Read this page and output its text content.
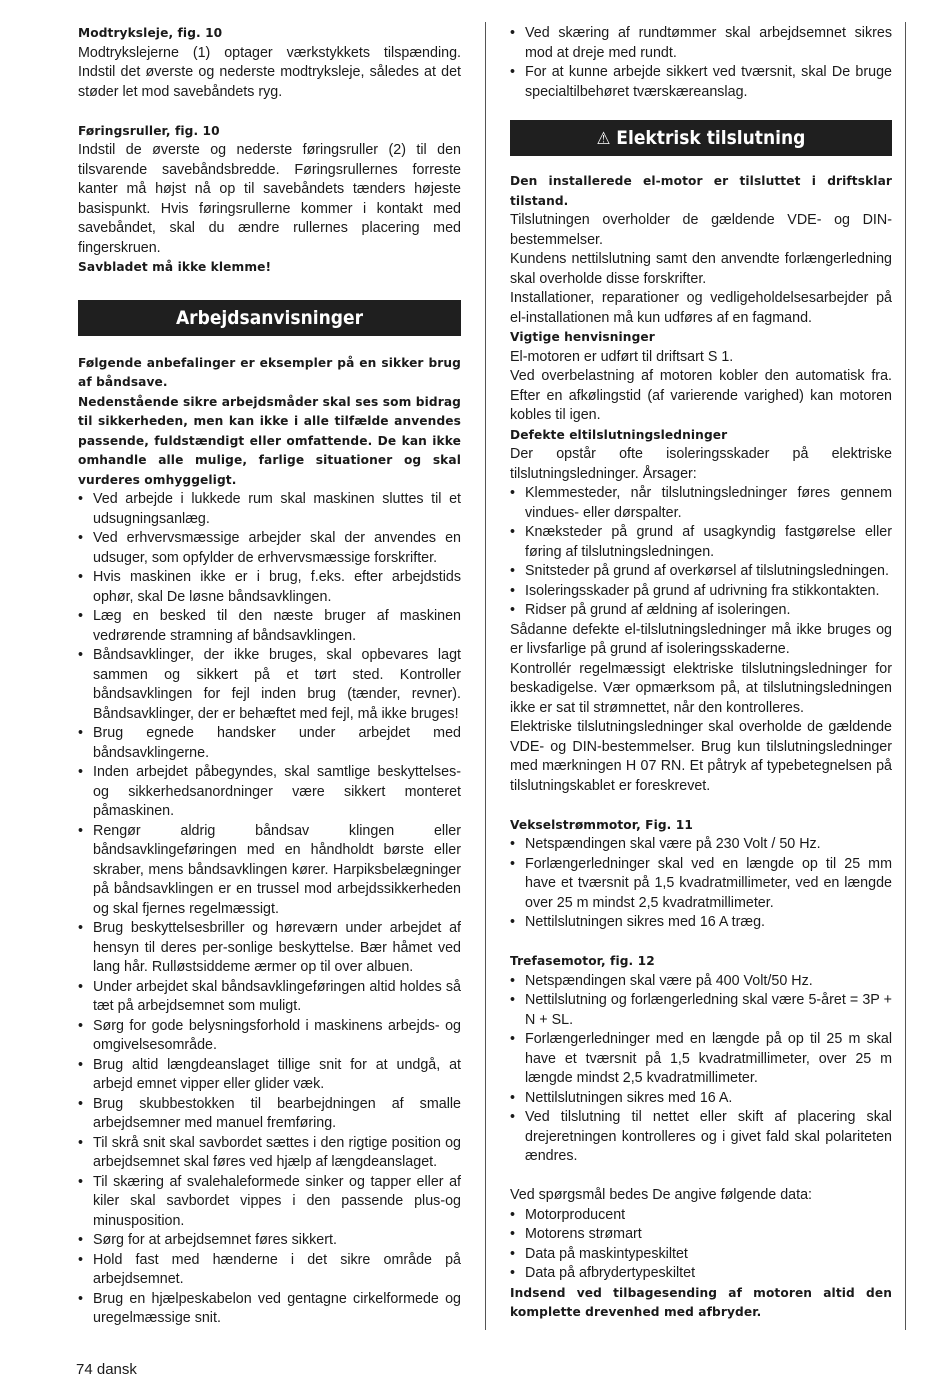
Modtryksleje, fig. 10
Modtrykslejerne (1) optager værkstykkets tilspænding. Indstil det øverste og nederste modtryksleje, således at det støder let mod savebåndets ryg.
Føringsruller, fig. 10
Indstil de øverste og nederste føringsruller (2) til den tilsvarende savebåndsbredde. Føringsrullernes forreste kanter må højst nå op til savebåndets tænders højeste basispunkt. Hvis føringsrullerne kommer i kontakt med savebåndet, skal du ændre rullernes placering med fingerskruen.
Savbladet må ikke klemme!
Arbejdsanvisninger
Følgende anbefalinger er eksempler på en sikker brug af båndsave.
Nedenstående sikre arbejdsmåder skal ses som bidrag til sikkerheden, men kan ikke i alle tilfælde anvendes passende, fuldstændigt eller omfattende. De kan ikke omhandle alle mulige, farlige situationer og skal vurderes omhyggeligt.
• Ved arbejde i lukkede rum skal maskinen sluttes til et udsugningsanlæg.
• Ved erhvervsmæssige arbejder skal der anvendes en udsuger, som opfylder de erhvervsmæssige forskrifter.
• Hvis maskinen ikke er i brug, f.eks. efter arbejdstids ophør, skal De løsne båndsavklingen.
• Læg en besked til den næste bruger af maskinen vedrørende stramning af båndsavklingen.
• Båndsavklinger, der ikke bruges, skal opbevares lagt sammen og sikkert på et tørt sted. Kontroller båndsavklingen for fejl inden brug (tænder, revner). Båndsavklinger, der er behæftet med fejl, må ikke bruges!
• Brug egnede handsker under arbejdet med båndsavklingerne.
• Inden arbejdet påbegyndes, skal samtlige beskyttelses- og sikkerhedsanordninger være sikkert monteret påmaskinen.
• Rengør aldrig båndsav klingen eller båndsavklingeføringen med en håndholdt børste eller skraber, mens båndsavklingen kører. Harpiksbelægninger på båndsavklingen er en trussel mod arbejdssikkerheden og skal fjernes regelmæssigt.
• Brug beskyttelsesbriller og høreværn under arbejdet af hensyn til deres per-sonlige beskyttelse. Bær håmet ved lang hår. Rulløstsiddeme ærmer op til over albuen.
• Under arbejdet skal båndsavklingeføringen altid holdes så tæt på arbejdsemnet som muligt.
• Sørg for gode belysningsforhold i maskinens arbejds- og omgivelsesområde.
• Brug altid længdeanslaget tillige snit for at undgå, at arbejd emnet vipper eller glider væk.
• Brug skubbestokken til bearbejdningen af smalle arbejdsemner med manuel fremføring.
• Til skrå snit skal savbordet sættes i den rigtige position og arbejdsemnet skal føres ved hjælp af længdeanslaget.
• Til skæring af svalehaleformede sinker og tapper eller af kiler skal savbordet vippes i den passende plus-og minusposition.
• Sørg for at arbejdsemnet føres sikkert.
• Hold fast med hænderne i det sikre område på arbejdsemnet.
• Brug en hjælpeskabelon ved gentagne cirkelformede og uregelmæssige snit.
• Ved skæring af rundtømmer skal arbejdsemnet sikres mod at dreje med rundt.
• For at kunne arbejde sikkert ved tværsnit, skal De bruge specialtilbehøret tværskæreanslag.
⚠ Elektrisk tilslutning
Den installerede el-motor er tilsluttet i driftsklar tilstand.
Tilslutningen overholder de gældende VDE- og DIN-bestemmelser.
Kundens nettilslutning samt den anvendte forlængerledning skal overholde disse forskrifter.
Installationer, reparationer og vedligeholdelsesarbejder på el-installationen må kun udføres af en fagmand.
Vigtige henvisninger
El-motoren er udført til driftsart S 1.
Ved overbelastning af motoren kobler den automatisk fra. Efter en afkølingstid (af varierende varighed) kan motoren kobles til igen.
Defekte eltilslutningsledninger
Der opstår ofte isoleringsskader på elektriske tilslutningsledninger. Årsager:
• Klemmesteder, når tilslutningsledninger føres gennem vindues- eller dørspalter.
• Knæksteder på grund af usagkyndig fastgørelse eller føring af tilslutningsledningen.
• Snitsteder på grund af overkørsel af tilslutningsledningen.
• Isoleringsskader på grund af udrivning fra stikkontakten.
• Ridser på grund af ældning af isoleringen.
Sådanne defekte el-tilslutningsledninger må ikke bruges og er livsfarlige på grund af isoleringsskaderne.
Kontrollér regelmæssigt elektriske tilslutningsledninger for beskadigelse. Vær opmærksom på, at tilslutningsledningen ikke er sat til strømnettet, når den kontrolleres.
Elektriske tilslutningsledninger skal overholde de gældende VDE- og DIN-bestemmelser. Brug kun tilslutningsledninger med mærkningen H 07 RN. Et påtryk af typebetegnelsen på tilslutningskablet er foreskrevet.
Vekselstrømmotor, Fig. 11
• Netspændingen skal være på 230 Volt / 50 Hz.
• Forlængerledninger skal ved en længde op til 25 mm have et tværsnit på 1,5 kvadratmillimeter, ved en længde over 25 m mindst 2,5 kvadratmillimeter.
• Nettilslutningen sikres med 16 A træg.
Trefasemotor, fig. 12
• Netspændingen skal være på 400 Volt/50 Hz.
• Nettilslutning og forlængerledning skal være 5-året = 3P + N + SL.
• Forlængerledninger med en længde på op til 25 m skal have et tværsnit på 1,5 kvadratmillimeter, over 25 m længde mindst 2,5 kvadratmillimeter.
• Nettilslutningen sikres med 16 A.
• Ved tilslutning til nettet eller skift af placering skal drejeretningen kontrolleres og i givet fald skal polariteten ændres.
Ved spørgsmål bedes De angive følgende data:
• Motorproducent
• Motorens strømart
• Data på maskintypeskiltet
• Data på afbrydertypeskiltet
Indsend ved tilbagesending af motoren altid den komplette drevenhed med afbryder.
74 dansk
